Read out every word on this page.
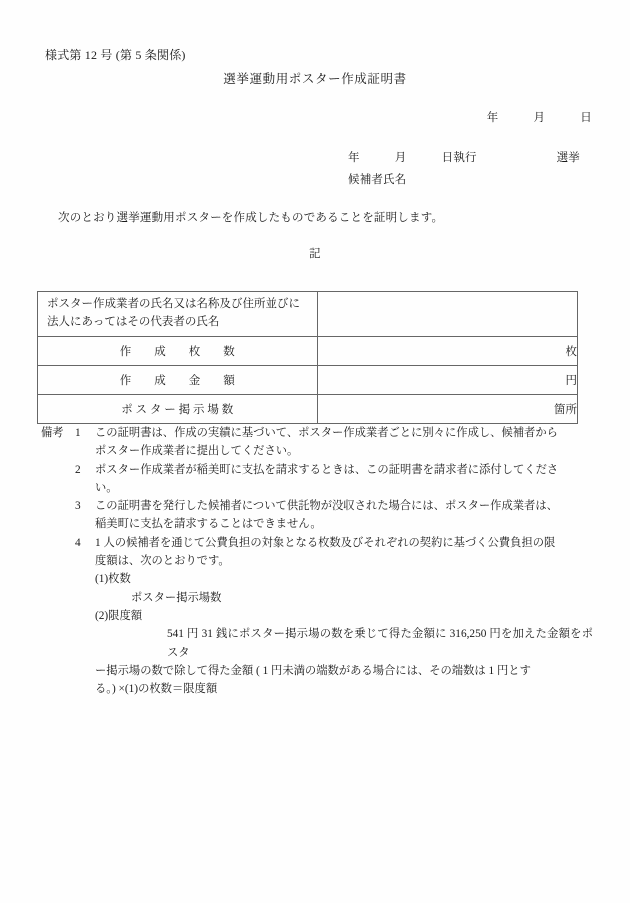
様式第 12 号 (第 5 条関係)
選挙運動用ポスター作成証明書
年　　　月　　　日
年　　　月　　　日執行	選挙
候補者氏名
次のとおり選挙運動用ポスターを作成したものであることを証明します。
記
ポスター作成業者の氏名又は名称及び住所並びに
法人にあってはその代表者の氏名	

作　　成　　枚　　数	枚
作　　成　　金　　額	円
ポ ス タ ー 掲 示 場 数	箇所
備考	1	この証明書は、作成の実績に基づいて、ポスター作成業者ごとに別々に作成し、候補者から
ポスター作成業者に提出してください。
2	ポスター作成業者が稲美町に支払を請求するときは、この証明書を請求者に添付してくださ
い。
3	この証明書を発行した候補者について供託物が没収された場合には、ポスター作成業者は、
稲美町に支払を請求することはできません。
4	1 人の候補者を通じて公費負担の対象となる枚数及びそれぞれの契約に基づく公費負担の限
度額は、次のとおりです。
(1)枚数
ポスター掲示場数
(2)限度額
541 円 31 銭にポスター掲示場の数を乗じて得た金額に 316,250 円を加えた金額をポスタ
ー掲示場の数で除して得た金額 ( 1 円未満の端数がある場合には、その端数は 1 円とす
る。) ×(1)の枚数＝限度額
